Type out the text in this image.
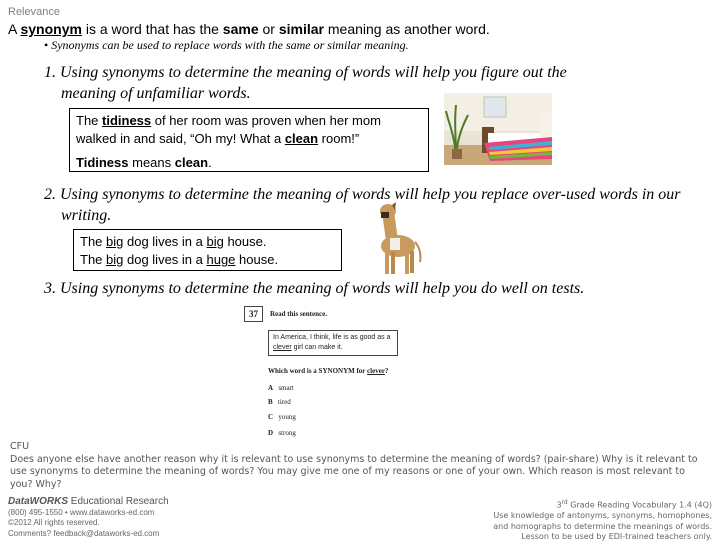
Relevance
A synonym is a word that has the same or similar meaning as another word.
• Synonyms can be used to replace words with the same or similar meaning.
1. Using synonyms to determine the meaning of words will help you figure out the meaning of unfamiliar words.
The tidiness of her room was proven when her mom walked in and said, “Oh my! What a clean room!”
Tidiness means clean.
2. Using synonyms to determine the meaning of words will help you replace over-used words in our writing.
The big dog lives in a big house.
The big dog lives in a huge house.
3. Using synonyms to determine the meaning of words will help you do well on tests.
37	Read this sentence.
In America, I think, life is as good as a clever girl can make it.
Which word is a SYNONYM for clever?
A smart
B tired
C young
D strong
CFU
Does anyone else have another reason why it is relevant to use synonyms to determine the meaning of words? (pair-share) Why is it relevant to use synonyms to determine the meaning of words? You may give me one of my reasons or one of your own. Which reason is most relevant to you? Why?
DataWORKS Educational Research
(800) 495-1550 • www.dataworks-ed.com
©2012 All rights reserved.
Comments? feedback@dataworks-ed.com
3rd Grade Reading Vocabulary 1.4 (4Q)
Use knowledge of antonyms, synonyms, homophones,
and homographs to determine the meanings of words.
Lesson to be used by EDI-trained teachers only.
